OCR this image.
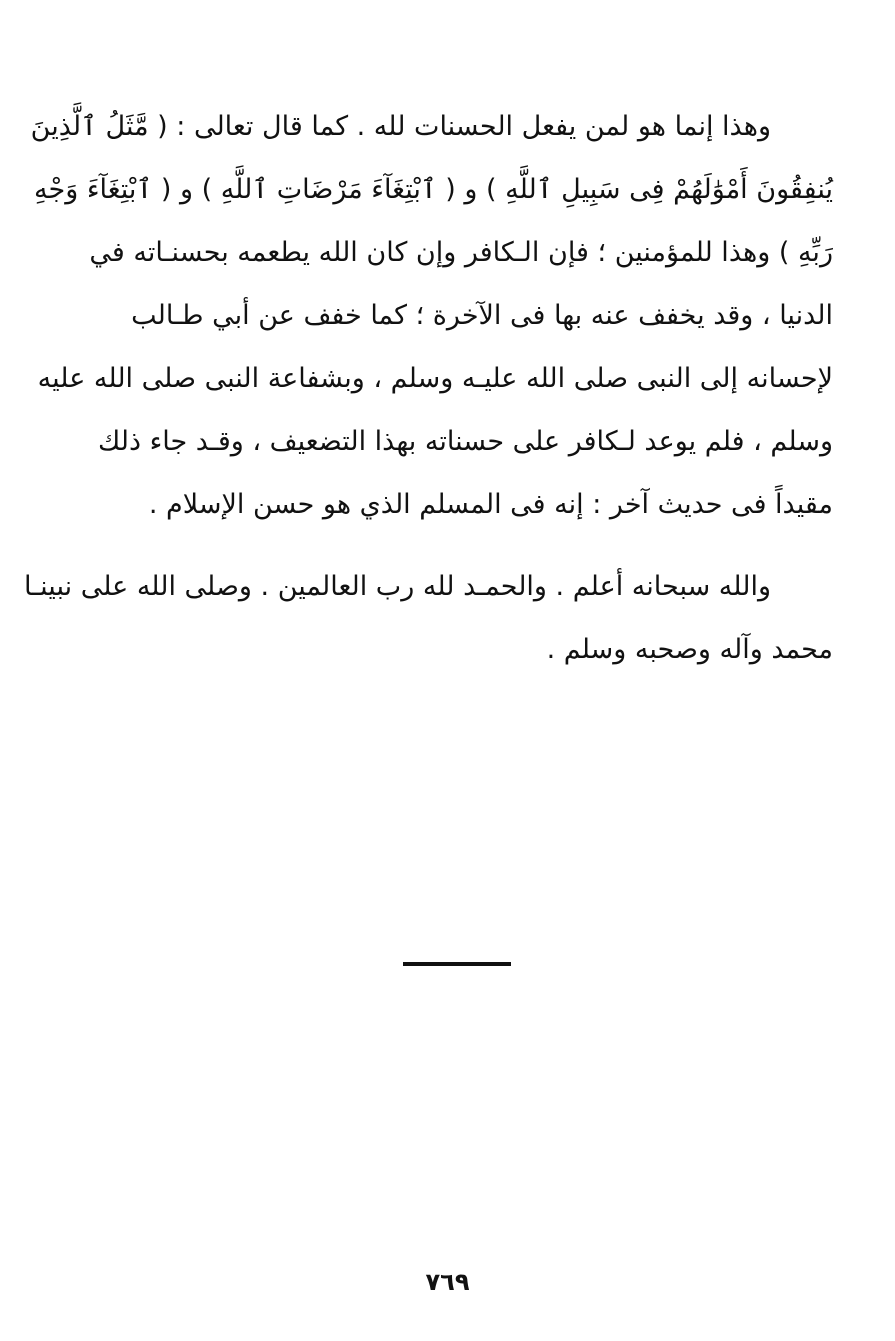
وهذا إنما هو لمن يفعل الحسنات لله . كما قال تعالى : ( مَّثَلُ ٱلَّذِينَ
يُنفِقُونَ أَمْوَٰلَهُمْ فِى سَبِيلِ ٱللَّهِ ) و ( ٱبْتِغَآءَ مَرْضَاتِ ٱللَّهِ ) و ( ٱبْتِغَآءَ وَجْهِ
رَبِّهِ ) وهذا للمؤمنين ؛ فإن الـكافر وإن كان الله يطعمه بحسنـاته في
الدنيا ، وقد يخفف عنه بها فى الآخرة ؛ كما خفف عن أبي طـالب
لإحسانه إلى النبى صلى الله عليـه وسلم ، وبشفاعة النبى صلى الله عليه
وسلم ، فلم يوعد لـكافر على حسناته بهذا التضعيف ، وقـد جاء ذلك
مقيداً فى حديث آخر : إنه فى المسلم الذي هو حسن الإسلام .
والله سبحانه أعلم . والحمـد لله رب العالمين . وصلى الله على نبينـا
محمد وآله وصحبه وسلم .
٧٦٩
